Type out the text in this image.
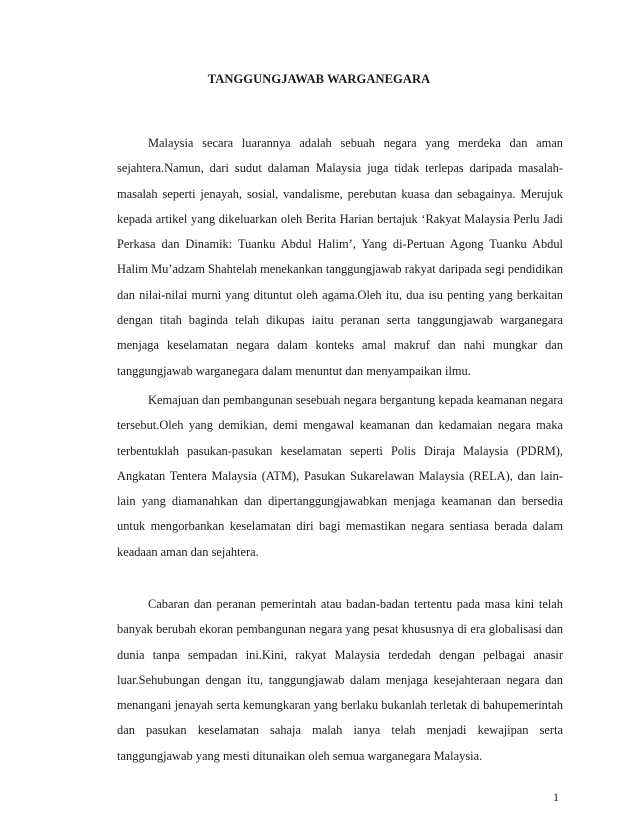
TANGGUNGJAWAB WARGANEGARA

Malaysia secara luarannya adalah sebuah negara yang merdeka dan aman sejahtera.Namun, dari sudut dalaman Malaysia juga tidak terlepas daripada masalah-masalah seperti jenayah, sosial, vandalisme, perebutan kuasa dan sebagainya. Merujuk kepada artikel yang dikeluarkan oleh Berita Harian bertajuk ‘Rakyat Malaysia Perlu Jadi Perkasa dan Dinamik: Tuanku Abdul Halim’, Yang di-Pertuan Agong Tuanku Abdul Halim Mu’adzam Shahtelah menekankan tanggungjawab rakyat daripada segi pendidikan dan nilai-nilai murni yang dituntut oleh agama.Oleh itu, dua isu penting yang berkaitan dengan titah baginda telah dikupas iaitu peranan serta tanggungjawab warganegara menjaga keselamatan negara dalam konteks amal makruf dan nahi mungkar dan tanggungjawab warganegara dalam menuntut dan menyampaikan ilmu.

Kemajuan dan pembangunan sesebuah negara bergantung kepada keamanan negara tersebut.Oleh yang demikian, demi mengawal keamanan dan kedamaian negara maka terbentuklah pasukan-pasukan keselamatan seperti Polis Diraja Malaysia (PDRM), Angkatan Tentera Malaysia (ATM), Pasukan Sukarelawan Malaysia (RELA), dan lain-lain yang diamanahkan dan dipertanggungjawabkan menjaga keamanan dan bersedia untuk mengorbankan keselamatan diri bagi memastikan negara sentiasa berada dalam keadaan aman dan sejahtera.

Cabaran dan peranan pemerintah atau badan-badan tertentu pada masa kini telah banyak berubah ekoran pembangunan negara yang pesat khususnya di era globalisasi dan dunia tanpa sempadan ini.Kini, rakyat Malaysia terdedah dengan pelbagai anasir luar.Sehubungan dengan itu, tanggungjawab dalam menjaga kesejahteraan negara dan menangani jenayah serta kemungkaran yang berlaku bukanlah terletak di bahupemerintah dan pasukan keselamatan sahaja malah ianya telah menjadi kewajipan serta tanggungjawab yang mesti ditunaikan oleh semua warganegara Malaysia.

1
